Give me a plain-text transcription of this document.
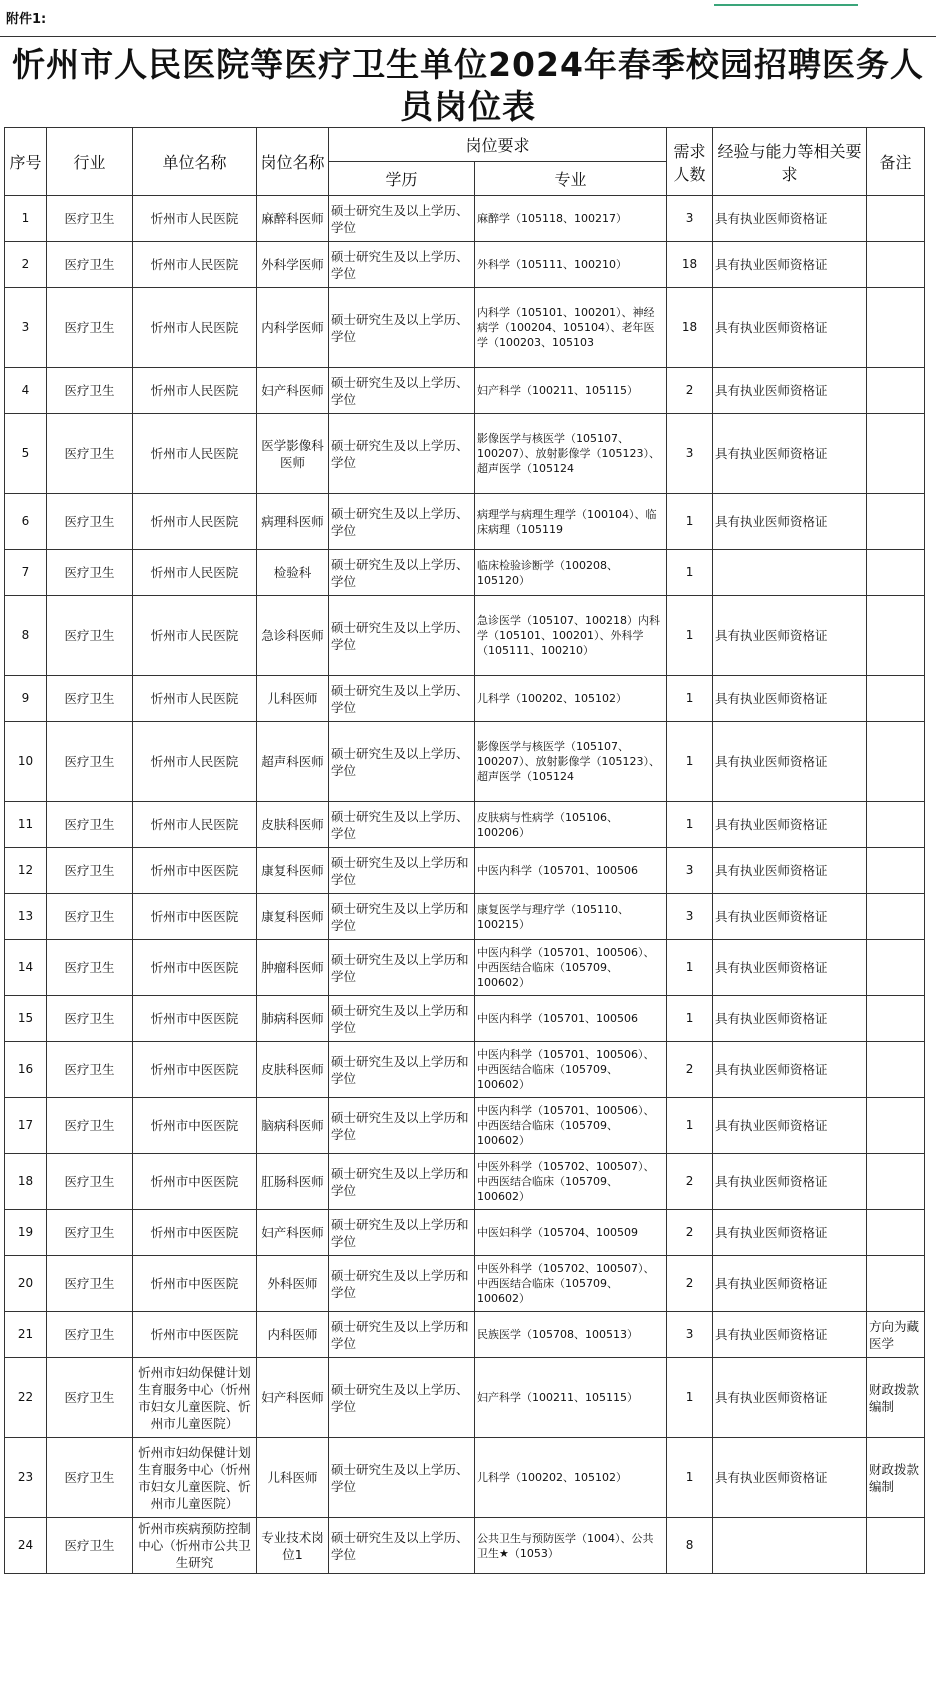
附件1:
忻州市人民医院等医疗卫生单位2024年春季校园招聘医务人员岗位表
序号	行业	单位名称	岗位名称	岗位要求		需求人数	经验与能力等相关要求	备注
				学历	专业			
1	医疗卫生	忻州市人民医院	麻醉科医师	硕士研究生及以上学历、学位	麻醉学（105118、100217）	3	具有执业医师资格证	
2	医疗卫生	忻州市人民医院	外科学医师	硕士研究生及以上学历、学位	外科学（105111、100210）	18	具有执业医师资格证	
3	医疗卫生	忻州市人民医院	内科学医师	硕士研究生及以上学历、学位	内科学（105101、100201）、神经病学（100204、105104）、老年医学（100203、105103	18	具有执业医师资格证	
4	医疗卫生	忻州市人民医院	妇产科医师	硕士研究生及以上学历、学位	妇产科学（100211、105115）	2	具有执业医师资格证	
5	医疗卫生	忻州市人民医院	医学影像科医师	硕士研究生及以上学历、学位	影像医学与核医学（105107、100207）、放射影像学（105123）、超声医学（105124	3	具有执业医师资格证	
6	医疗卫生	忻州市人民医院	病理科医师	硕士研究生及以上学历、学位	病理学与病理生理学（100104）、临床病理（105119	1	具有执业医师资格证	
7	医疗卫生	忻州市人民医院	检验科	硕士研究生及以上学历、学位	临床检验诊断学（100208、105120）	1		
8	医疗卫生	忻州市人民医院	急诊科医师	硕士研究生及以上学历、学位	急诊医学（105107、100218）内科学（105101、100201）、外科学（105111、100210）	1	具有执业医师资格证	
9	医疗卫生	忻州市人民医院	儿科医师	硕士研究生及以上学历、学位	儿科学（100202、105102）	1	具有执业医师资格证	
10	医疗卫生	忻州市人民医院	超声科医师	硕士研究生及以上学历、学位	影像医学与核医学（105107、100207）、放射影像学（105123）、超声医学（105124	1	具有执业医师资格证	
11	医疗卫生	忻州市人民医院	皮肤科医师	硕士研究生及以上学历、学位	皮肤病与性病学（105106、100206）	1	具有执业医师资格证	
12	医疗卫生	忻州市中医医院	康复科医师	硕士研究生及以上学历和学位	中医内科学（105701、100506	3	具有执业医师资格证	
13	医疗卫生	忻州市中医医院	康复科医师	硕士研究生及以上学历和学位	康复医学与理疗学（105110、100215）	3	具有执业医师资格证	
14	医疗卫生	忻州市中医医院	肿瘤科医师	硕士研究生及以上学历和学位	中医内科学（105701、100506）、中西医结合临床（105709、100602）	1	具有执业医师资格证	
15	医疗卫生	忻州市中医医院	肺病科医师	硕士研究生及以上学历和学位	中医内科学（105701、100506	1	具有执业医师资格证	
16	医疗卫生	忻州市中医医院	皮肤科医师	硕士研究生及以上学历和学位	中医内科学（105701、100506）、中西医结合临床（105709、100602）	2	具有执业医师资格证	
17	医疗卫生	忻州市中医医院	脑病科医师	硕士研究生及以上学历和学位	中医内科学（105701、100506）、中西医结合临床（105709、100602）	1	具有执业医师资格证	
18	医疗卫生	忻州市中医医院	肛肠科医师	硕士研究生及以上学历和学位	中医外科学（105702、100507）、中西医结合临床（105709、100602）	2	具有执业医师资格证	
19	医疗卫生	忻州市中医医院	妇产科医师	硕士研究生及以上学历和学位	中医妇科学（105704、100509	2	具有执业医师资格证	
20	医疗卫生	忻州市中医医院	外科医师	硕士研究生及以上学历和学位	中医外科学（105702、100507）、中西医结合临床（105709、100602）	2	具有执业医师资格证	
21	医疗卫生	忻州市中医医院	内科医师	硕士研究生及以上学历和学位	民族医学（105708、100513）	3	具有执业医师资格证	方向为藏医学
22	医疗卫生	忻州市妇幼保健计划生育服务中心（忻州市妇女儿童医院、忻州市儿童医院）	妇产科医师	硕士研究生及以上学历、学位	妇产科学（100211、105115）	1	具有执业医师资格证	财政拨款编制
23	医疗卫生	忻州市妇幼保健计划生育服务中心（忻州市妇女儿童医院、忻州市儿童医院）	儿科医师	硕士研究生及以上学历、学位	儿科学（100202、105102）	1	具有执业医师资格证	财政拨款编制
24	医疗卫生	忻州市疾病预防控制中心（忻州市公共卫生研究	专业技术岗位1	硕士研究生及以上学历、学位	公共卫生与预防医学（1004）、公共卫生★（1053）	8		
